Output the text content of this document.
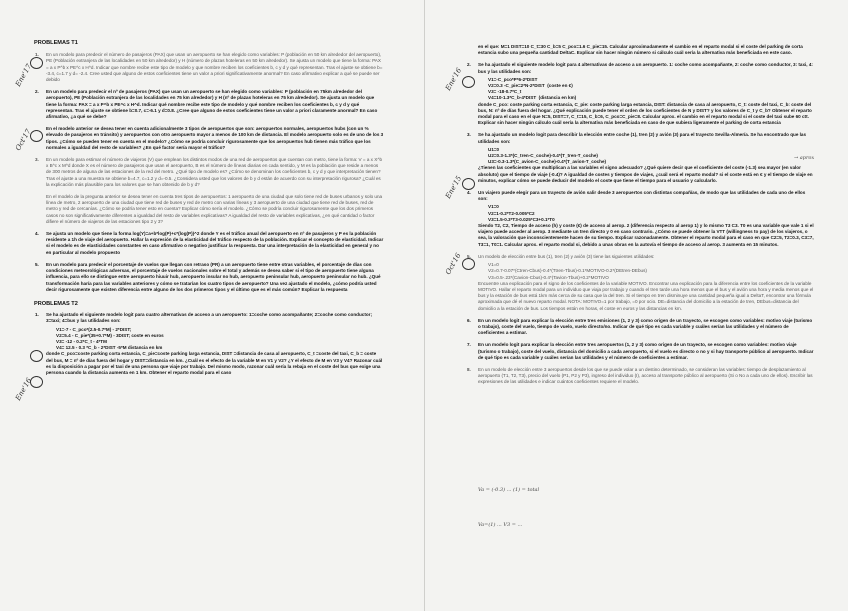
PROBLEMAS T1
1. En un modelo para predecir el número de pasajeros (PAX) que usan un aeropuerto se han elegido como variables: P (población en 50 km alrededor del aeropuerto), PE (Población extranjera de las localidades en 50 km alrededor) y H (número de plazas hoteleras en 50 km alrededor). Se ajusta un modelo que tiene la forma: PAX = a x P^b x PE^c x H^d. Indicar que nombre recibe este tipo de modelo y que nombre reciben los coeficientes b, c y d y qué representan. Tras el ajuste se obtiene b= -3.4, c=1.7 y d= -2.4. Cree usted que alguno de estos coeficientes tiene un valor a priori significativamente anormal? En caso afirmativo explicar a qué se puede ser debido
2. En un modelo para predecir el nº de pasajeros (PAX) que usan un aeropuerto se han elegido como variables: P (población en 75km alrededor del aeropuerto), PE (Población extranjera de las localidades en 75 km alrededor) y H (nº de plazas hoteleras en 75 km alrededor). Se ajusta un modelo que tiene la forma: PAX = a x P^b x PE^c x H^d. Indicar qué nombre recibe este tipo de modelo y qué nombre reciben los coeficientes b, c y d y qué representan. Tras el ajuste se obtiene b=0.7, c=-6.1 y d=0.8. ¿Cree que alguno de estos coeficientes tiene un valor a priori claramente anormal? En caso afirmativo, ¿a qué se debe?
En el modelo anterior se desea tener en cuenta adicionalmente 3 tipos de aeropuertos que son: aeropuertos normales, aeropuertos hubs (con un % elevado de pasajeros en tránsito) y aeropuertos con otro aeropuerto mayor a menos de 100 km de distancia. El modelo aeropuerto solo es de uno de los 3 tipos. ¿Cómo se pueden tener en cuenta en el modelo? ¿Cómo se podría concluir rigurosamente que los aeropuertos hub tienen más tráfico que los normales a igualdad del resto de variables? ¿En qué factor sería mayor el tráfico?
3. En un modelo para estimar el número de viajeros (V) que emplean los distintos modos de una red de aeropuertos que cuentan con metro, tiene la forma: V = a x X^b x B^c x M^d donde X es el número de pasajeros que usan el aeropuerto, B es el número de líneas diarias en cada sentido, y M es la población que reside a menos de 300 metros de alguna de las estaciones de la red del metro. ¿Qué tipo de modelo es? ¿Cómo se denominan los coeficientes b, c y d y que interpretación tienen? Tras el ajuste a una muestra se obtiene b=4.7, c=1.2 y d=-0.5. ¿Considera usted que los valores de b y d están de acuerdo con su interpretación rigurosa? ¿Cuál es la explicación más plausible para los valores que se han obtenido de b y d?
En el modelo de la pregunta anterior se desea tener en cuenta tres tipos de aeropuertos: 1 aeropuerto de una ciudad que solo tiene red de buses urbanos y solo una línea de metro, 2 aeropuerto de una ciudad que tiene red de buses y red de metro con varias líneas y 3 aeropuerto de una ciudad que tiene red de buses, red de metro y red de cercanías. ¿Cómo se podría tener esto en cuenta? Explicar cómo sería el modelo. ¿Cómo se podría concluir rigurosamente que los dos primeros casos no son significativamente diferentes a igualdad del resto de variables explicativas? A igualdad del resto de variables explicativas, ¿en qué cantidad o factor difiere el número de viajeros de las estaciones tipo 2 y 3?
4. Se ajusta un modelo que tiene la forma log(Y)=a+b*log(P)+c*(log(P))^2 donde Y es el tráfico anual del aeropuerto en nº de pasajeros y P es la población residente a 1h de viaje del aeropuerto. Hallar la expresión de la elasticidad del tráfico respecto de la población. Explicar el concepto de elasticidad. Indicar si el modelo es de elasticidades constantes en caso afirmativo o negativo justificar la respuesta. Dar una interpretación de la elasticidad en general y no en particular al modelo propuesto
5. En un modelo para predecir el porcentaje de vuelos que llegan con retraso (PR) a un aeropuerto tiene entre otras variables, el porcentaje de días con condiciones meteorológicas adversas, el porcentaje de vuelos nacionales sobre el total y además se desea saber si el tipo de aeropuerto tiene alguna influencia, para ello se distingue entre aeropuerto hiuuir hub, aeropuerto insular no hub, aeropuerto peninsular hub, aeropuerto peninsular no hub. ¿Qué transformación haría para las variables anteriores y cómo se tratarían los cuatro tipos de aeropuerto? Una vez ajustado el modelo, ¿cómo podría usted decir rigurosamente que existen diferencia entre alguno de los dos primeros tipos y el último que es el más común? Explicar la respuesta
PROBLEMAS T2
1. Se ha ajustado el siguiente modelo logit para cuatro alternativas de acceso a un aeropuerto: 1=coche como acompañante; 2=coche como conductor; 3=taxi; 4=bus y las utilidades son:
V1=-7 - C_pco*(2.5-0.7*M) - 2*DIST;
V2=5.4 - C_pie*(35+0.7*M) - 3DIST; coste en euros
V3= -12 - 0.2*C_t - 4*TM
V4= 12.5 - 0.3 *C_b - 2*DIST -5*M distancia en km
donde C_pco=coste parking corta estancia, C_pie=coste parking larga estancia, DIST =distancia de casa al aeropuerto, C_t =coste del taxi, C_b = coste del bus, M = nº de días fuera del hogar y DIST=distancia en km. ¿Cuál es el efecto de la variable M en V1 y V2? ¿Y el efecto de M en V3 y V4? Razonar cuál es la disposición a pagar por el taxi de una persona que viaje por trabajo. Del mismo modo, razonar cuál sería la rebaja en el coste del bus que exige una persona cuando la distancia aumenta en 1 km. Obtener el reparto modal para el caso
en el que: M=1 DIST=10 C_t=30 C_b=5 C_pco=1.6 C_pie=15. Calcular aproximadamente el cambio en el reparto modal si el coste del parking de corta estancia subo una pequeña cantidad DeltaC. Explicar sin hacer ningún número si cálculo cuál sería la alternativa más beneficiada en este caso.
2. Se ha ajustado el siguiente modelo logit para 4 alternativas de acceso a un aeropuerto. 1: coche como acompañante, 2: coche como conductor, 3: taxi, 4: bus y las utilidades son:
V1=-C_pco*P*6-2*DIST
V2=0.3 -C_pie=2*N-2*DIST  (coste en €)
V3= -18-0.7*C_t
V4=10-1.3*C_b-4*DIST  (distancia en km)
donde C_pco: coste parking corta estancia, C_pie: coste parking larga estancia, DIST: distancia de casa al aeropuerto, C_t: coste del taxi, C_b: coste del bus, N: nº de días fuera del hogar. ¿Qué explicación puede tener el orden de los coeficientes de N y DIST? y los valores de C_t y C_b? Obtener el reparto modal para el caso en el que N=5, DIST=7, C_t=15, C_b=6, C_pco=C_pie=8. Calcular aprox. el cambio en el reparto modal si el coste del taxi sube 60 ctt. Explicar sin hacer ningún cálculo cuál sería la alternativa más beneficiada en caso de que subiera ligeramente el parking de corta estancia
3. Se ha ajustado un modelo logit para describir la elección entre coche (1), tren (2) y avión (3) para el trayecto Sevilla-Almería. Se ha encontrado que las utilidades son:
U1=0
U2=0.3-1.3*(C_tren-C_coche)-0.4*(T_tren-T_coche)
U3=-0.3-1.3*(C_avion-C_coche)-0.4*(T_avion-T_coche)
¿Tienen las coeficientes que multiplican a las variables el signo adecuado? ¿Qué quiere decir que el coeficiente del coste (-1.3) sea mayor (en valor absoluto) que el tiempo de viaje (-0.4)? A igualdad de costes y tiempos de viajes, ¿cuál será el reparto modal? si el coste está en € y el tiempo de viaje en minutos, explicar cómo se puede deducir del modelo el coste que tiene el tiempo para el usuario y calcularlo.
4. Un viajero puede elegir para un trayecto de avión salir desde 3 aeropuertos con distintas compañías, de modo que las utilidades de cada uno de ellos son:
V1=0
V2=1-0.2*T2-0.005*C2
V3=1.5-0.3*T3-0.025*C3+0.1*T0
Siendo T2, C2, Tiempo de acceso (h) y coste (€) de acceso al aerop. 2 (diferencia respecto al aerop 1) y lo mismo T3 C3. T0 es una variable que vale 1 si el viajero puede acceder al aerop. 3 mediante un tren directo y 0 en caso contrario. ¿Cómo se puede obtener la VTT (willingness to pay) de los viajeros, o sea, la valoración que inconscientemente hacen de su tiempo. Explicar razonadamente. Obtener el reparto modal para el caso en que C2=5, T2=0.3, C3=7, T3=1, T0=1. Calcular aprox. el reparto modal si, debido a unas obras en la autovía el tiempo de acceso al aerop. 3 aumenta en 15 minutos.
5. Un modelo de elección entre bus (1), tren (2) y avión (3) tiene las siguientes utilidades:
V1=0
V2=0.7-0.07*(Ctren-Cbus)-0.4*(Ttren-Tbus)-0.1*MOTIVO-0.2*(DEtren-DEbus)
V3=0.5-.23*(Cavion-Cbus)-0.4*(Tavion-Tbus)+0.2*MOTIVO
Encuentre una explicación para el signo de los coeficientes de la variable MOTIVO. Encontrar una explicación para la diferencia entre los coeficientes de la variable MOTIVO. Hallar el reparto modal para un individuo que viaja por trabajo y cuando el tren tarde una hora menos que el bus y el avión una hora y media menos que el bus y la estación de bus está 1km más cerca de su casa que la del tren. Si el tiempo en tren disminuye una cantidad pequeña igual a DeltaT, encontrar una fórmula aproximada que dé el nuevo reparto modal. NOTA: MOTIVO=1 por trabajo, =0 por ocio. DE=distancia del domicilio a la estación de tren, DEbus=distancia del domicilio a la estación de bus. Los tiempos están en horas, el coste en euros y las distancias en km.
6. En un modelo logit para explicar la elección entre tres emisiones (1, 2 y 3) como origen de un trayecto, se escogen como variables: motivo viaje (turismo o trabajo), coste del vuelo, tiempo de vuelo, vuelo directo/no. Indicar de qué tipo es cada variable y cuáles serían las utilidades y el número de coeficientes a estimar.
7. En un modelo logit para explicar la elección entre tres aeropuertos (1, 2 y 3) como origen de un trayecto, se escogen como variables: motivo viaje (turismo o trabajo), coste del vuelo, distancia del domicilio a cada aeropuerto, si el vuelo es directo o no y si hay transporte público al aeropuerto. Indicar de qué tipo es cada variable y cuáles serían las utilidades y el número de coeficientes a estimar.
8. En un modelo de elección entre 3 aeropuertos desde los que se puede volar a un destino determinado, se consideran las variables: tiempo de desplazamiento al aeropuerto (T1, T2, T3), precio del vuelo (P1, P2 y P3), ingreso del individuo (I), acceso al transporte público al aeropuerto (Si o No a cada uno de ellos). Escribir las expresiones de las utilidades e indicar cuántos coeficientes requiere el modelo.
Ene'17
Oct'17
Ene'16
Ene'16
Ene'15
Oct'16
→ aprox
Va = (-0.3) ... (1) = total
Va=(1) ... V3 = ...
